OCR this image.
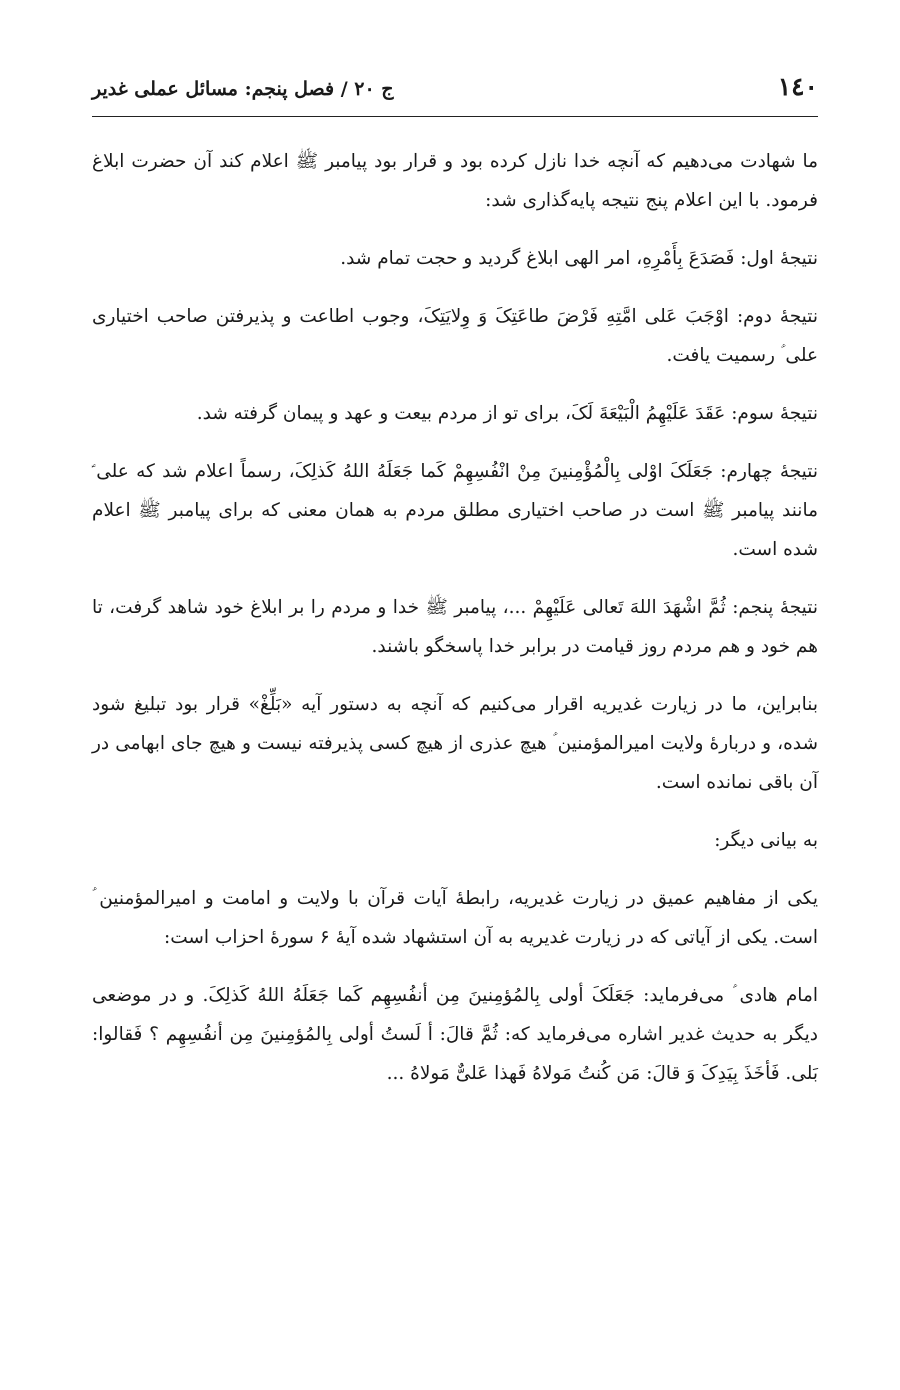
١٤٠
ج ٢٠ / فصل پنجم: مسائل عملی غدیر

ما شهادت می‌دهیم که آنچه خدا نازل کرده بود و قرار بود پیامبر ﷺ اعلام کند آن حضرت ابلاغ فرمود. با این اعلام پنج نتیجه پایه‌گذاری شد:

نتیجهٔ اول: فَصَدَعَ بِأَمْرِهِ، امر الهی ابلاغ گردید و حجت تمام شد.

نتیجهٔ دوم: اوْجَبَ عَلی امَّتِهِ فَرْضَ طاعَتِکَ وَ وِلایَتِکَ، وجوب اطاعت و پذیرفتن صاحب اختیاری علی ؑ رسمیت یافت.

نتیجهٔ سوم: عَقَدَ عَلَیْهِمُ الْبَیْعَةَ لَکَ، برای تو از مردم بیعت و عهد و پیمان گرفته شد.

نتیجهٔ چهارم: جَعَلَکَ اوْلی بِالْمُؤْمِنینَ مِنْ انْفُسِهِمْ کَما جَعَلَهُ اللهُ کَذلِکَ، رسماً اعلام شد که علی ؑ مانند پیامبر ﷺ است در صاحب اختیاری مطلق مردم به همان معنی که برای پیامبر ﷺ اعلام شده است.

نتیجهٔ پنجم: ثُمَّ اشْهَدَ اللهَ تَعالی عَلَیْهِمْ ...، پیامبر ﷺ خدا و مردم را بر ابلاغ خود شاهد گرفت، تا هم خود و هم مردم روز قیامت در برابر خدا پاسخگو باشند.

بنابراین، ما در زیارت غدیریه اقرار می‌کنیم که آنچه به دستور آیه «بَلِّغْ» قرار بود تبلیغ شود شده، و دربارهٔ ولایت امیرالمؤمنین ؑ هیچ عذری از هیچ کسی پذیرفته نیست و هیچ جای ابهامی در آن باقی نمانده است.

به بیانی دیگر:

یکی از مفاهیم عمیق در زیارت غدیریه، رابطهٔ آیات قرآن با ولایت و امامت و امیرالمؤمنین ؑ است. یکی از آیاتی که در زیارت غدیریه به آن استشهاد شده آیهٔ ۶ سورهٔ احزاب است:

امام هادی ؑ می‌فرماید: جَعَلَکَ أولی بِالمُؤمِنینَ مِن أنفُسِهِم کَما جَعَلَهُ اللهُ کَذلِکَ. و در موضعی دیگر به حدیث غدیر اشاره می‌فرماید که: ثُمَّ قالَ: أ لَستُ أولی بِالمُؤمِنینَ مِن أنفُسِهِم ؟ فَقالوا: بَلی. فَأخَذَ بِیَدِکَ وَ قالَ: مَن کُنتُ مَولاهُ فَهذا عَلیٌّ مَولاهُ ...
